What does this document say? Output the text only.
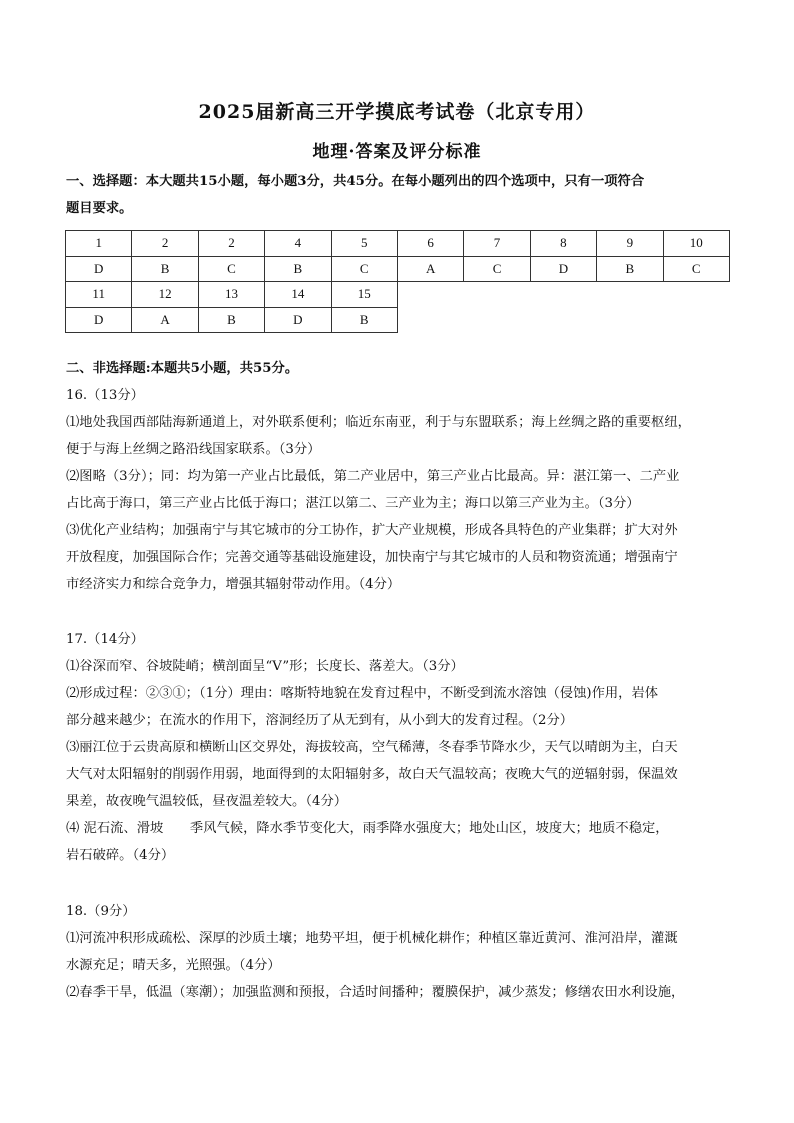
2025届新高三开学摸底考试卷（北京专用）
地理·答案及评分标准
一、选择题：本大题共15小题，每小题3分，共45分。在每小题列出的四个选项中，只有一项符合
题目要求。
1	2	2	4	5	6	7	8	9	10
D	B	C	B	C	A	C	D	B	C
11	12	13	14	15					
D	A	B	D	B					
二、非选择题:本题共5小题，共55分。
16.（13分）
⑴地处我国西部陆海新通道上，对外联系便利；临近东南亚，利于与东盟联系；海上丝绸之路的重要枢纽，
便于与海上丝绸之路沿线国家联系。（3分）
⑵图略（3分）；同：均为第一产业占比最低，第二产业居中，第三产业占比最高。异：湛江第一、二产业
占比高于海口，第三产业占比低于海口；湛江以第二、三产业为主；海口以第三产业为主。（3分）
⑶优化产业结构；加强南宁与其它城市的分工协作，扩大产业规模，形成各具特色的产业集群；扩大对外
开放程度，加强国际合作；完善交通等基础设施建设，加快南宁与其它城市的人员和物资流通；增强南宁
市经济实力和综合竞争力，增强其辐射带动作用。（4分）
17.（14分）
⑴谷深而窄、谷坡陡峭；横剖面呈“V”形；长度长、落差大。（3分）
⑵形成过程：②③①；（1分）理由：喀斯特地貌在发育过程中，不断受到流水溶蚀（侵蚀)作用，岩体
部分越来越少；在流水的作用下，溶洞经历了从无到有，从小到大的发育过程。（2分）
⑶丽江位于云贵高原和横断山区交界处，海拔较高，空气稀薄，冬春季节降水少，天气以晴朗为主，白天
大气对太阳辐射的削弱作用弱，地面得到的太阳辐射多，故白天气温较高；夜晚大气的逆辐射弱，保温效
果差，故夜晚气温较低，昼夜温差较大。（4分）
⑷ 泥石流、滑坡　　季风气候，降水季节变化大，雨季降水强度大；地处山区，坡度大；地质不稳定，
岩石破碎。（4分）
18.（9分）
⑴河流冲积形成疏松、深厚的沙质土壤；地势平坦，便于机械化耕作；种植区靠近黄河、淮河沿岸，灌溉
水源充足；晴天多，光照强。（4分）
⑵春季干旱，低温（寒潮）；加强监测和预报，合适时间播种；覆膜保护，减少蒸发；修缮农田水利设施，
